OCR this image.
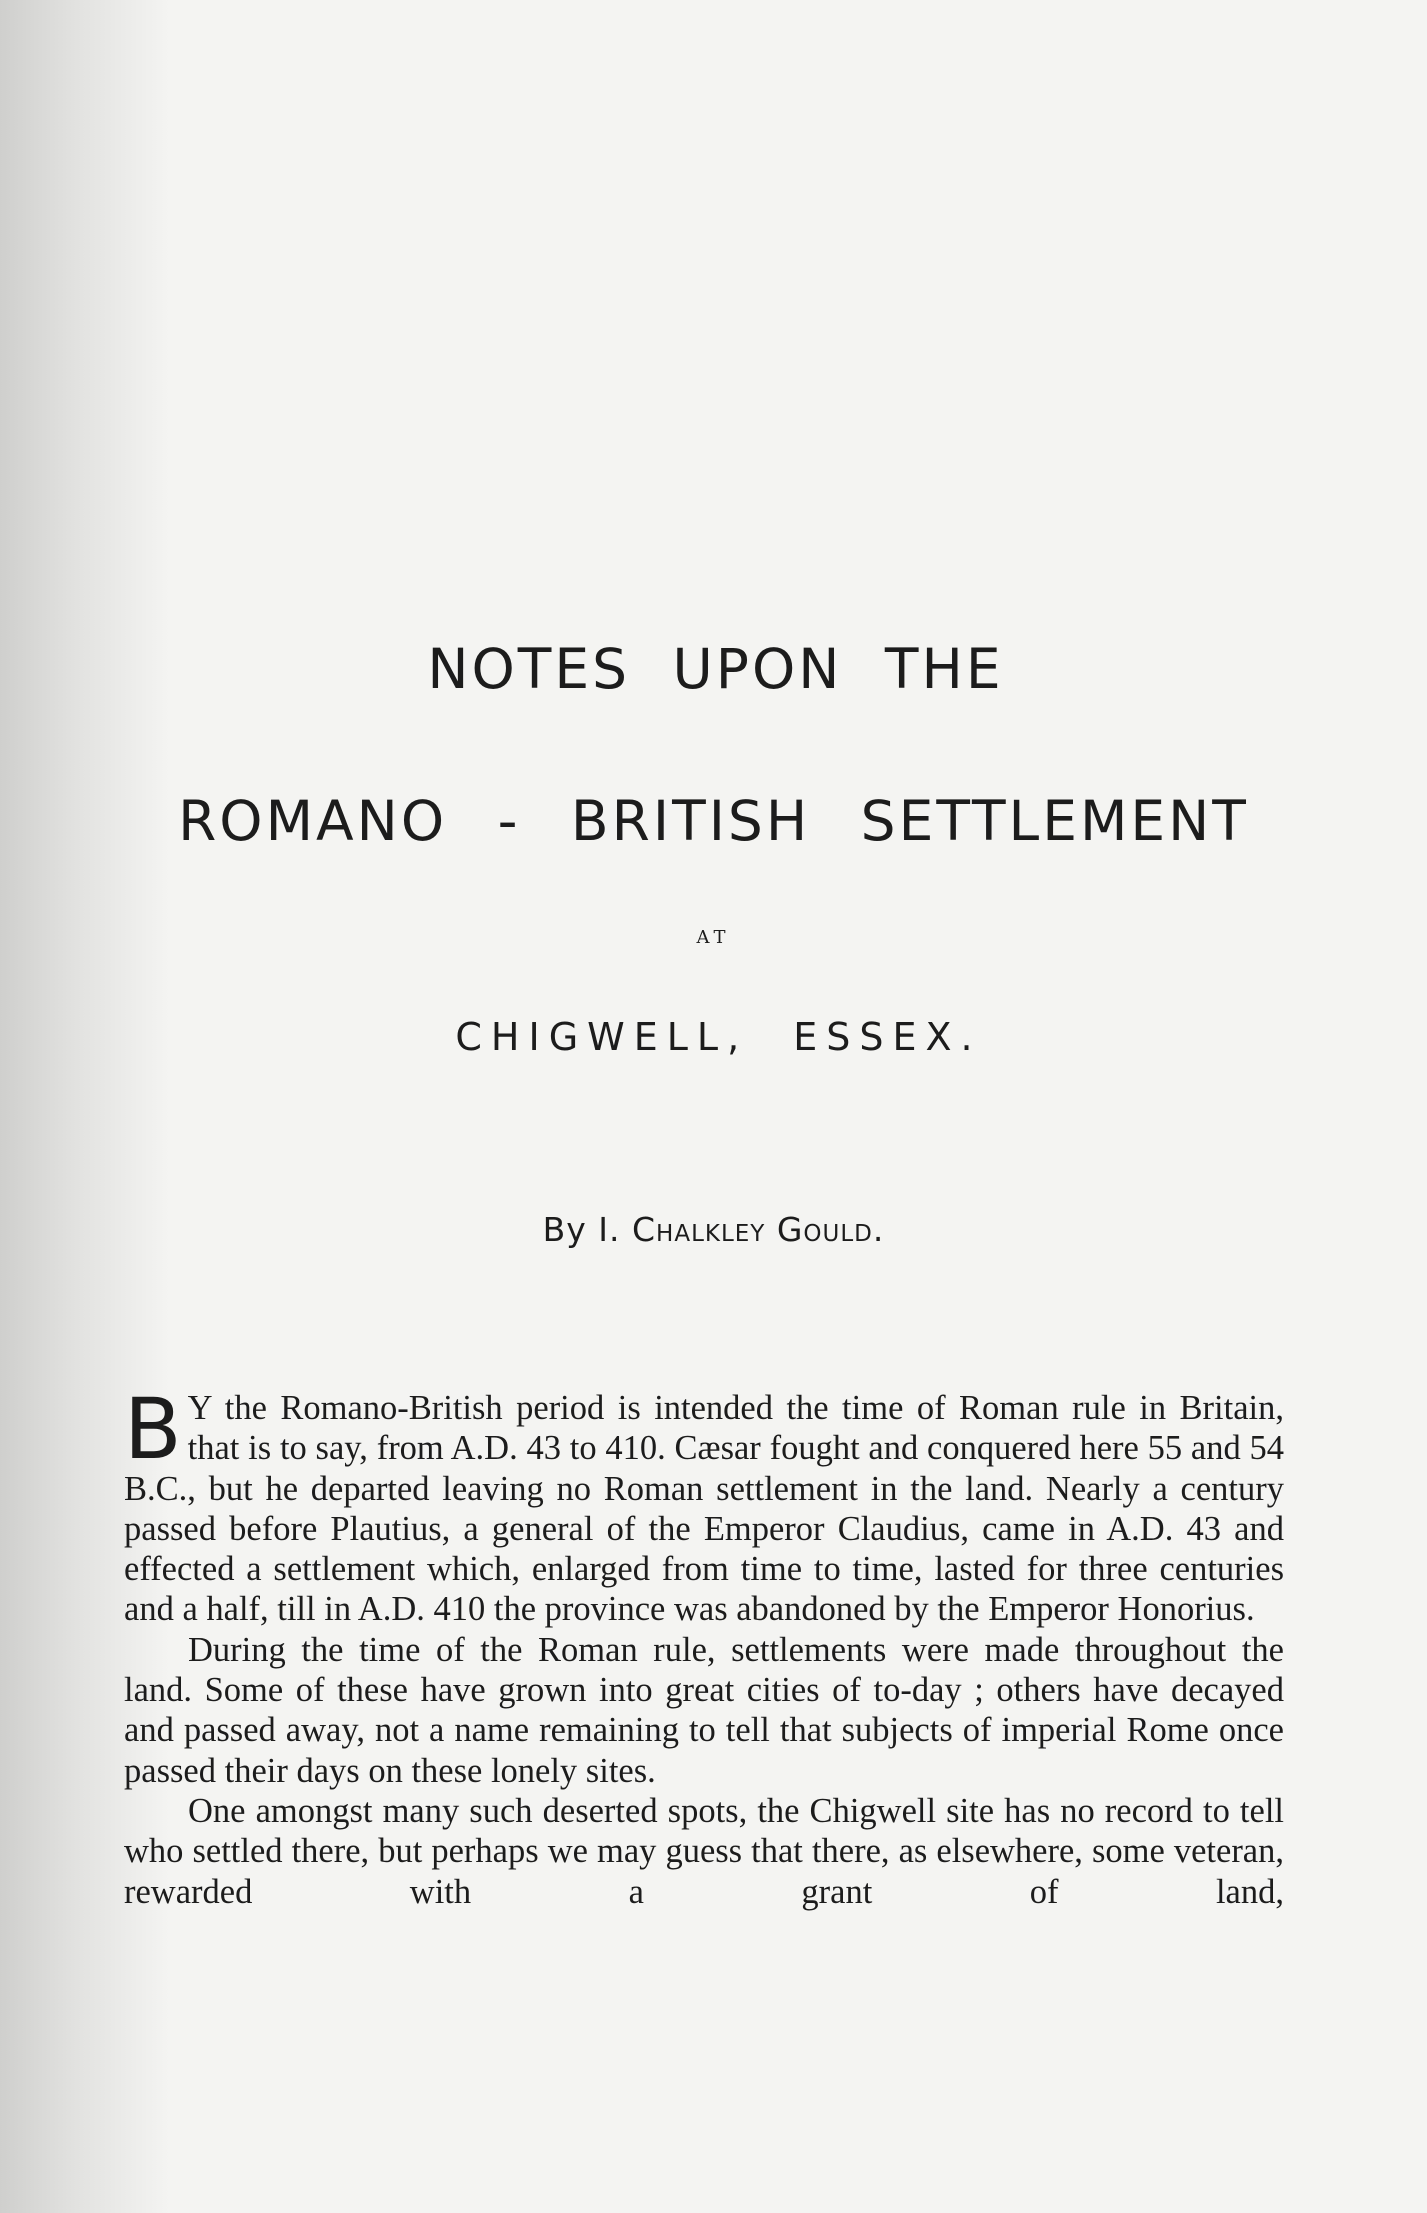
NOTES UPON THE
ROMANO - BRITISH SETTLEMENT
AT
CHIGWELL, ESSEX.
By I. Chalkley Gould.

B Y the Romano-British period is intended the time of Roman rule in Britain, that is to say, from A.D. 43 to 410. Cæsar fought and conquered here 55 and 54 B.C., but he departed leaving no Roman settlement in the land. Nearly a century passed before Plautius, a general of the Emperor Claudius, came in A.D. 43 and effected a settlement which, enlarged from time to time, lasted for three centuries and a half, till in A.D. 410 the province was abandoned by the Emperor Honorius.

During the time of the Roman rule, settlements were made throughout the land. Some of these have grown into great cities of to-day ; others have decayed and passed away, not a name remaining to tell that subjects of imperial Rome once passed their days on these lonely sites.

One amongst many such deserted spots, the Chigwell site has no record to tell who settled there, but perhaps we may guess that there, as elsewhere, some veteran, rewarded with a grant of land,
